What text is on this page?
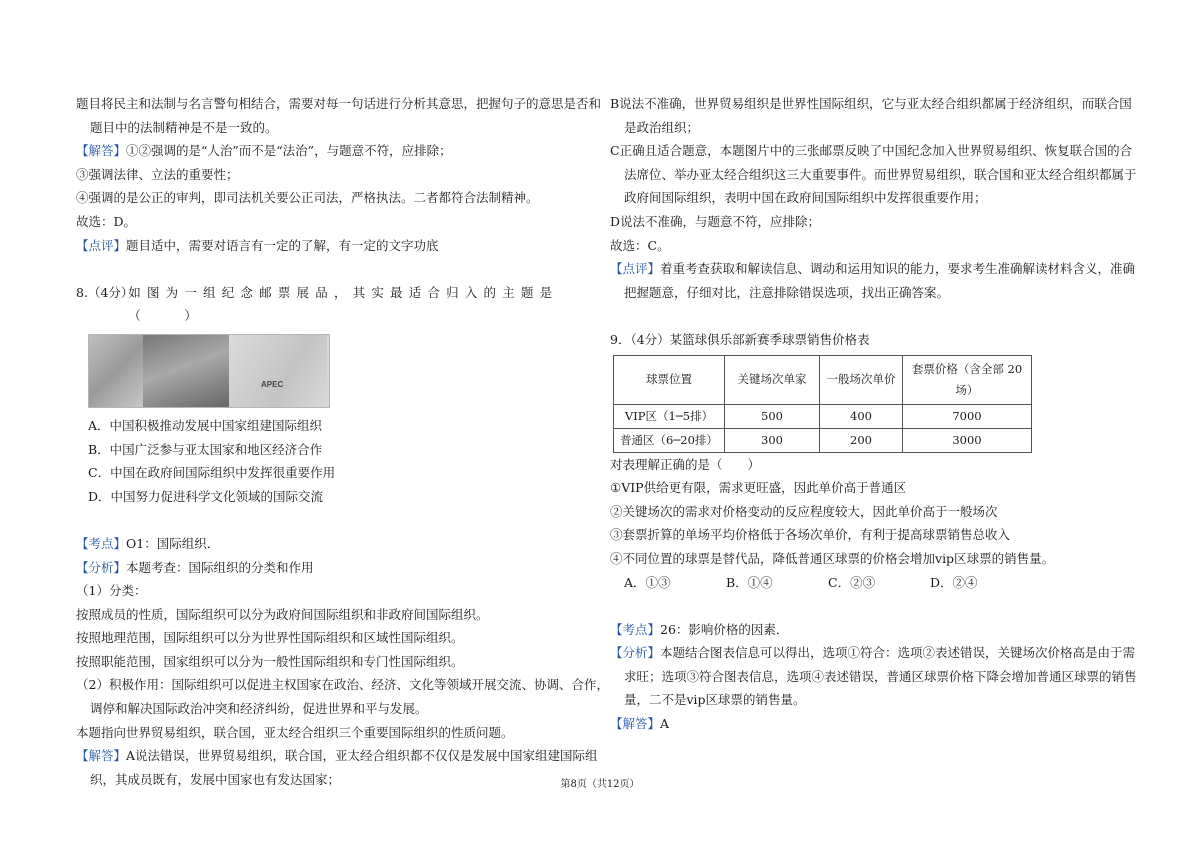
题目将民主和法制与名言警句相结合，需要对每一句话进行分析其意思，把握句子的意思是否和

题目中的法制精神是不是一致的。

【解答】①②强调的是“人治”而不是“法治”，与题意不符，应排除；

③强调法律、立法的重要性；

④强调的是公正的审判，即司法机关要公正司法，严格执法。二者都符合法制精神。

故选：D。

【点评】题目适中，需要对语言有一定的了解，有一定的文字功底

8. （4分）
如图为一组纪念邮票展品，其实最适合归入的主题是（　　）
APEC

A．中国积极推动发展中国家组建国际组织

B．中国广泛参与亚太国家和地区经济合作

C．中国在政府间国际组织中发挥很重要作用

D．中国努力促进科学文化领域的国际交流

【考点】O1：国际组织．

【分析】本题考查：国际组织的分类和作用

（1）分类：

按照成员的性质，国际组织可以分为政府间国际组织和非政府间国际组织。

按照地理范围，国际组织可以分为世界性国际组织和区域性国际组织。

按照职能范围，国家组织可以分为一般性国际组织和专门性国际组织。

（2）积极作用：国际组织可以促进主权国家在政治、经济、文化等领域开展交流、协调、合作，

调停和解决国际政治冲突和经济纠纷，促进世界和平与发展。

本题指向世界贸易组织，联合国，亚太经合组织三个重要国际组织的性质问题。

【解答】A说法错误，世界贸易组织，联合国，亚太经合组织都不仅仅是发展中国家组建国际组

织，其成员既有，发展中国家也有发达国家；

B说法不准确，世界贸易组织是世界性国际组织，它与亚太经合组织都属于经济组织，而联合国

是政治组织；

C正确且适合题意，本题图片中的三张邮票反映了中国纪念加入世界贸易组织、恢复联合国的合

法席位、举办亚太经合组织这三大重要事件。而世界贸易组织，联合国和亚太经合组织都属于

政府间国际组织，表明中国在政府间国际组织中发挥很重要作用；

D说法不准确，与题意不符，应排除；

故选：C。

【点评】着重考查获取和解读信息、调动和运用知识的能力，要求考生准确解读材料含义，准确

把握题意，仔细对比，注意排除错误选项，找出正确答案。

9．（4分）某篮球俱乐部新赛季球票销售价格表

球票位置	关键场次单家	一般场次单价	套票价格（含全部 20
场）
VIP区（1─5排）	500	400	7000
普通区（6─20排）	300	200	3000

对表理解正确的是（　　）

①VIP供给更有限，需求更旺盛，因此单价高于普通区

②关键场次的需求对价格变动的反应程度较大，因此单价高于一般场次

③套票折算的单场平均价格低于各场次单价，有利于提高球票销售总收入

④不同位置的球票是替代品，降低普通区球票的价格会增加vip区球票的销售量。

A．①③	B．①④	C．②③	D．②④

【考点】26：影响价格的因素．

【分析】本题结合图表信息可以得出，选项①符合：选项②表述错误，关键场次价格高是由于需

求旺；选项③符合图表信息，选项④表述错误，普通区球票价格下降会增加普通区球票的销售

量，二不是vip区球票的销售量。

【解答】A

第8页（共12页）
